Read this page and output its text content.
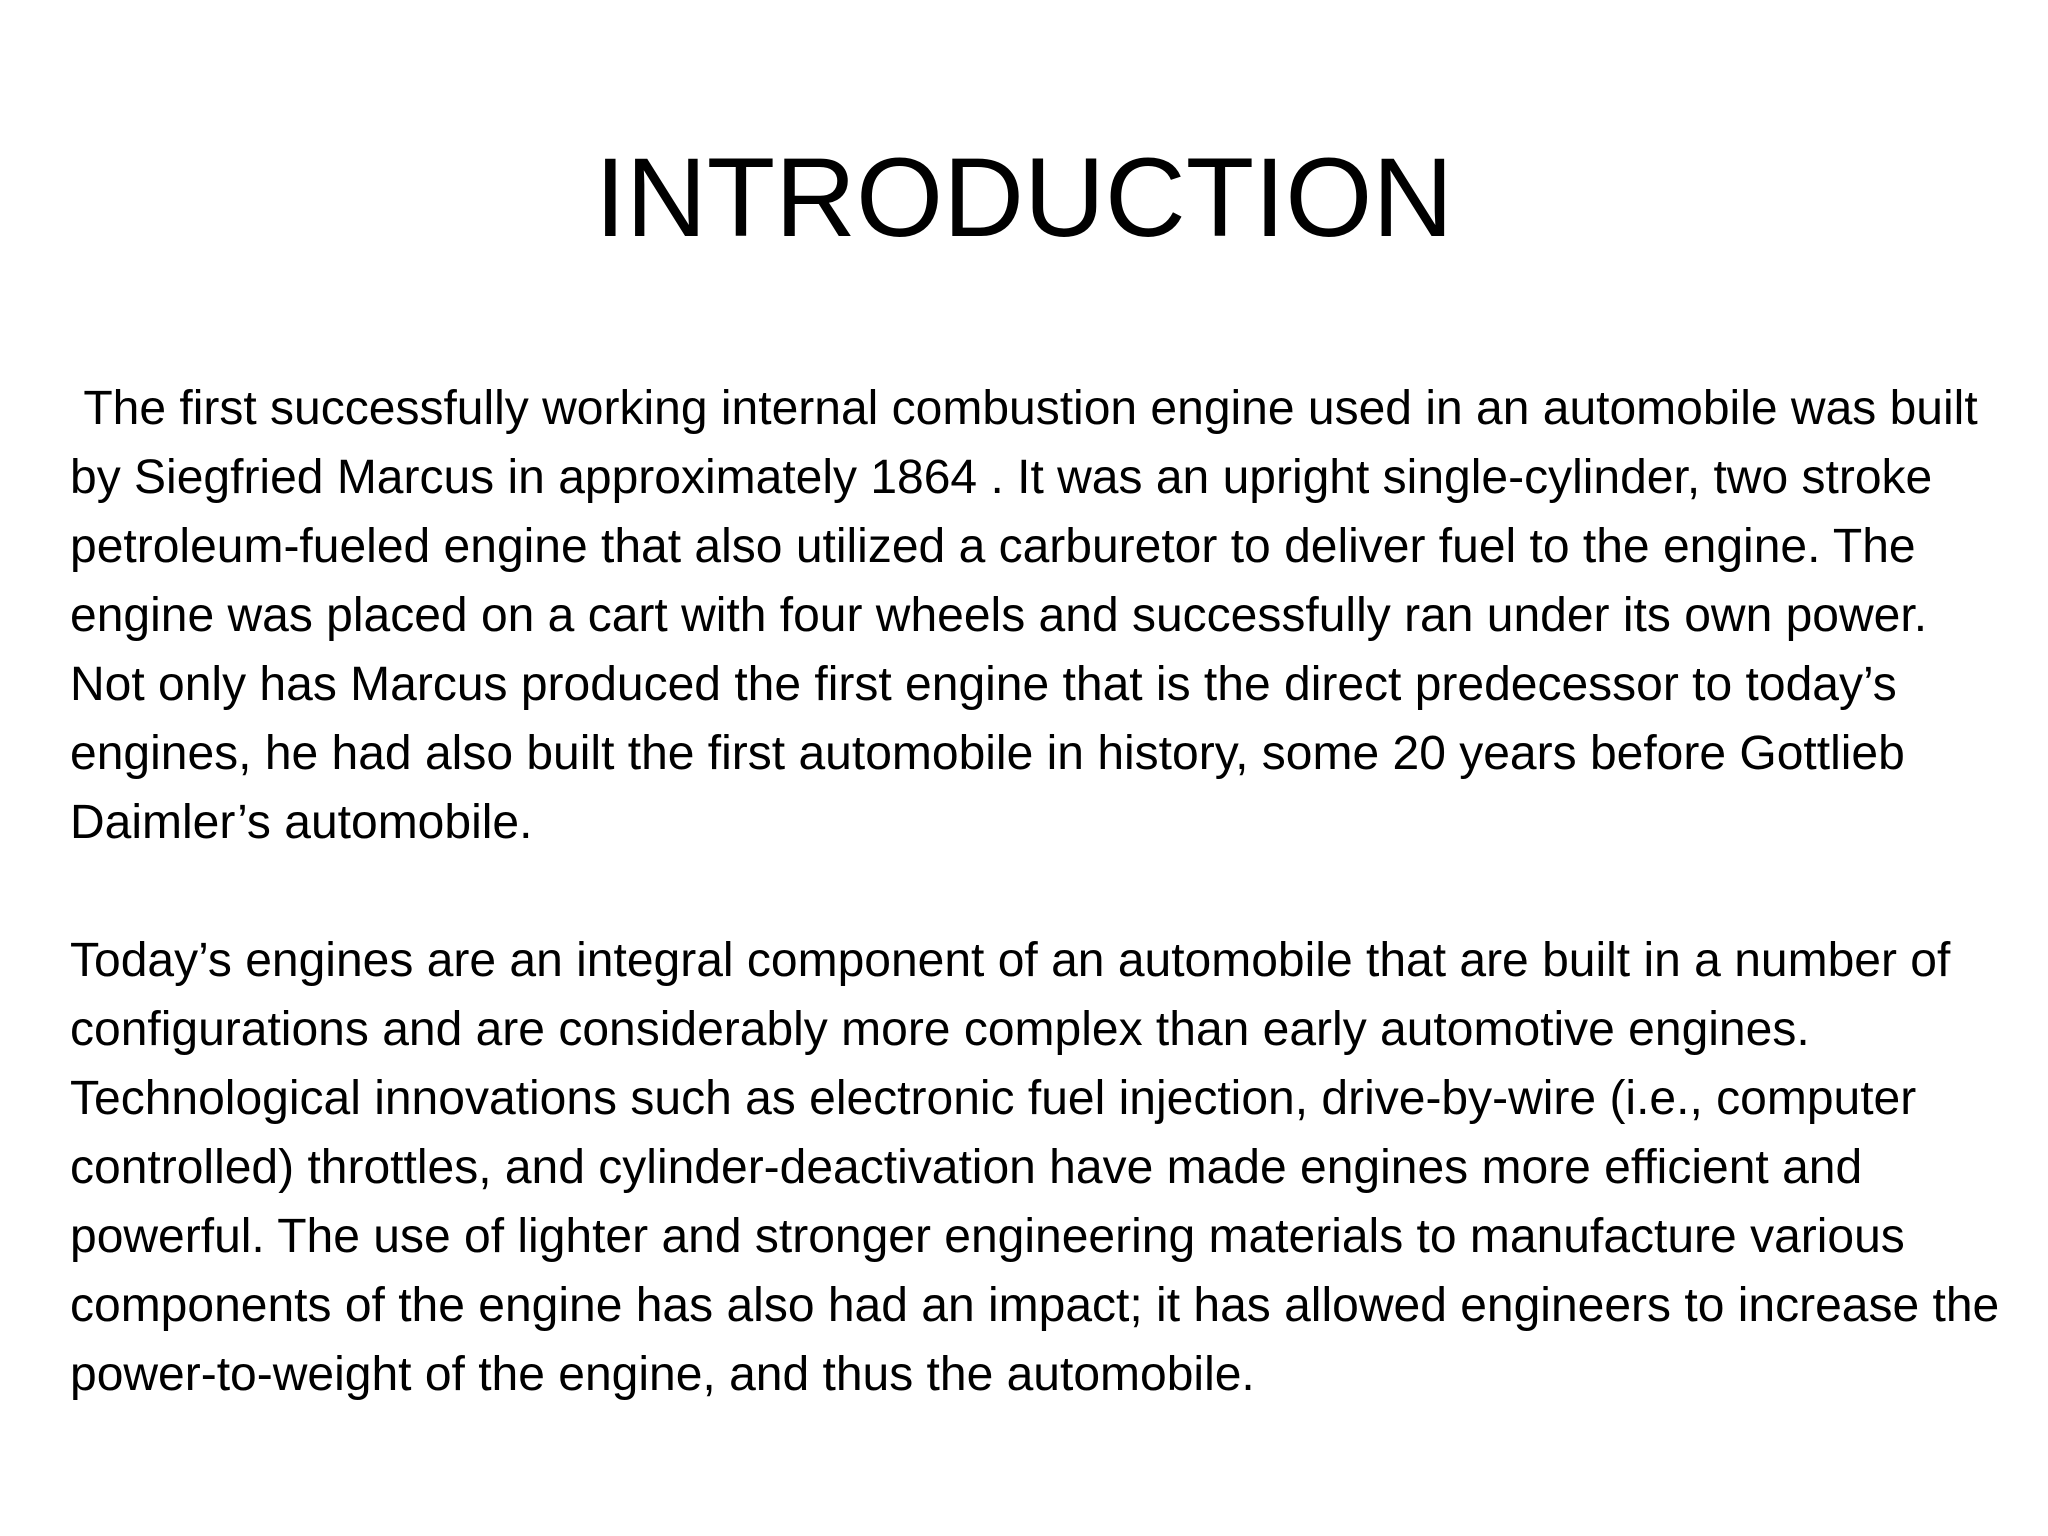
INTRODUCTION

The first successfully working internal combustion engine used in an automobile was built by Siegfried Marcus in approximately 1864 . It was an upright single-cylinder, two stroke petroleum-fueled engine that also utilized a carburetor to deliver fuel to the engine. The engine was placed on a cart with four wheels and successfully ran under its own power. Not only has Marcus produced the first engine that is the direct predecessor to today’s engines, he had also built the first automobile in history, some 20 years before Gottlieb Daimler’s automobile.

Today’s engines are an integral component of an automobile that are built in a number of configurations and are considerably more complex than early automotive engines. Technological innovations such as electronic fuel injection, drive-by-wire (i.e., computer controlled) throttles, and cylinder-deactivation have made engines more efficient and powerful. The use of lighter and stronger engineering materials to manufacture various components of the engine has also had an impact; it has allowed engineers to increase the power-to-weight of the engine, and thus the automobile.
